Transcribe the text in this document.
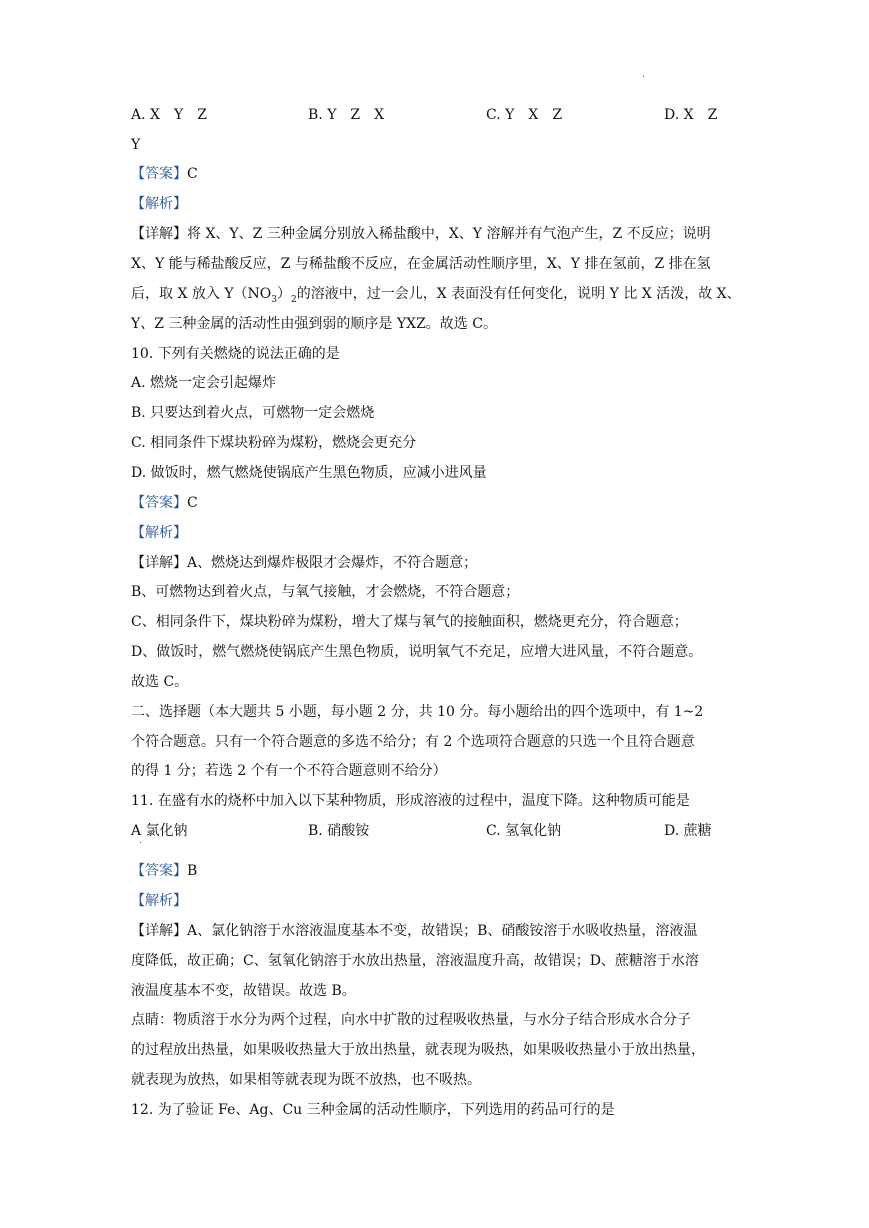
·
A. X　Y　Z	B. Y　Z　X	C. Y　X　Z	D. X　Z
Y
【答案】C
【解析】
【详解】将 X、Y、Z 三种金属分别放入稀盐酸中，X、Y 溶解并有气泡产生，Z 不反应；说明
X、Y 能与稀盐酸反应，Z 与稀盐酸不反应，在金属活动性顺序里，X、Y 排在氢前，Z 排在氢
后，取 X 放入 $Y(NO_3)_2$的溶液中，过一会儿，X 表面没有任何变化，说明 Y 比 X 活泼，故 X、
Y、Z 三种金属的活动性由强到弱的顺序是 YXZ。故选 C。
10. 下列有关燃烧的说法正确的是
A. 燃烧一定会引起爆炸
B. 只要达到着火点，可燃物一定会燃烧
C. 相同条件下煤块粉碎为煤粉，燃烧会更充分
D. 做饭时，燃气燃烧使锅底产生黑色物质，应减小进风量
【答案】C
【解析】
【详解】A、燃烧达到爆炸极限才会爆炸，不符合题意；
B、可燃物达到着火点，与氧气接触，才会燃烧，不符合题意；
C、相同条件下，煤块粉碎为煤粉，增大了煤与氧气的接触面积，燃烧更充分，符合题意；
D、做饭时，燃气燃烧使锅底产生黑色物质，说明氧气不充足，应增大进风量，不符合题意。
故选 C。
二、选择题（本大题共 5 小题，每小题 2 分，共 10 分。每小题给出的四个选项中，有 1~2
个符合题意。只有一个符合题意的多选不给分；有 2 个选项符合题意的只选一个且符合题意
的得 1 分；若选 2 个有一个不符合题意则不给分）
11. 在盛有水的烧杯中加入以下某种物质，形成溶液的过程中，温度下降。这种物质可能是
A 氯化钠	B. 硝酸铵	C. 氢氧化钠	D. 蔗糖
·
【答案】B
【解析】
【详解】A、氯化钠溶于水溶液温度基本不变，故错误；B、硝酸铵溶于水吸收热量，溶液温
度降低，故正确；C、氢氧化钠溶于水放出热量，溶液温度升高，故错误；D、蔗糖溶于水溶
液温度基本不变，故错误。故选 B。
点睛：物质溶于水分为两个过程，向水中扩散的过程吸收热量，与水分子结合形成水合分子
的过程放出热量，如果吸收热量大于放出热量，就表现为吸热，如果吸收热量小于放出热量，
就表现为放热，如果相等就表现为既不放热，也不吸热。
12. 为了验证 Fe、Ag、Cu 三种金属的活动性顺序，下列选用的药品可行的是
